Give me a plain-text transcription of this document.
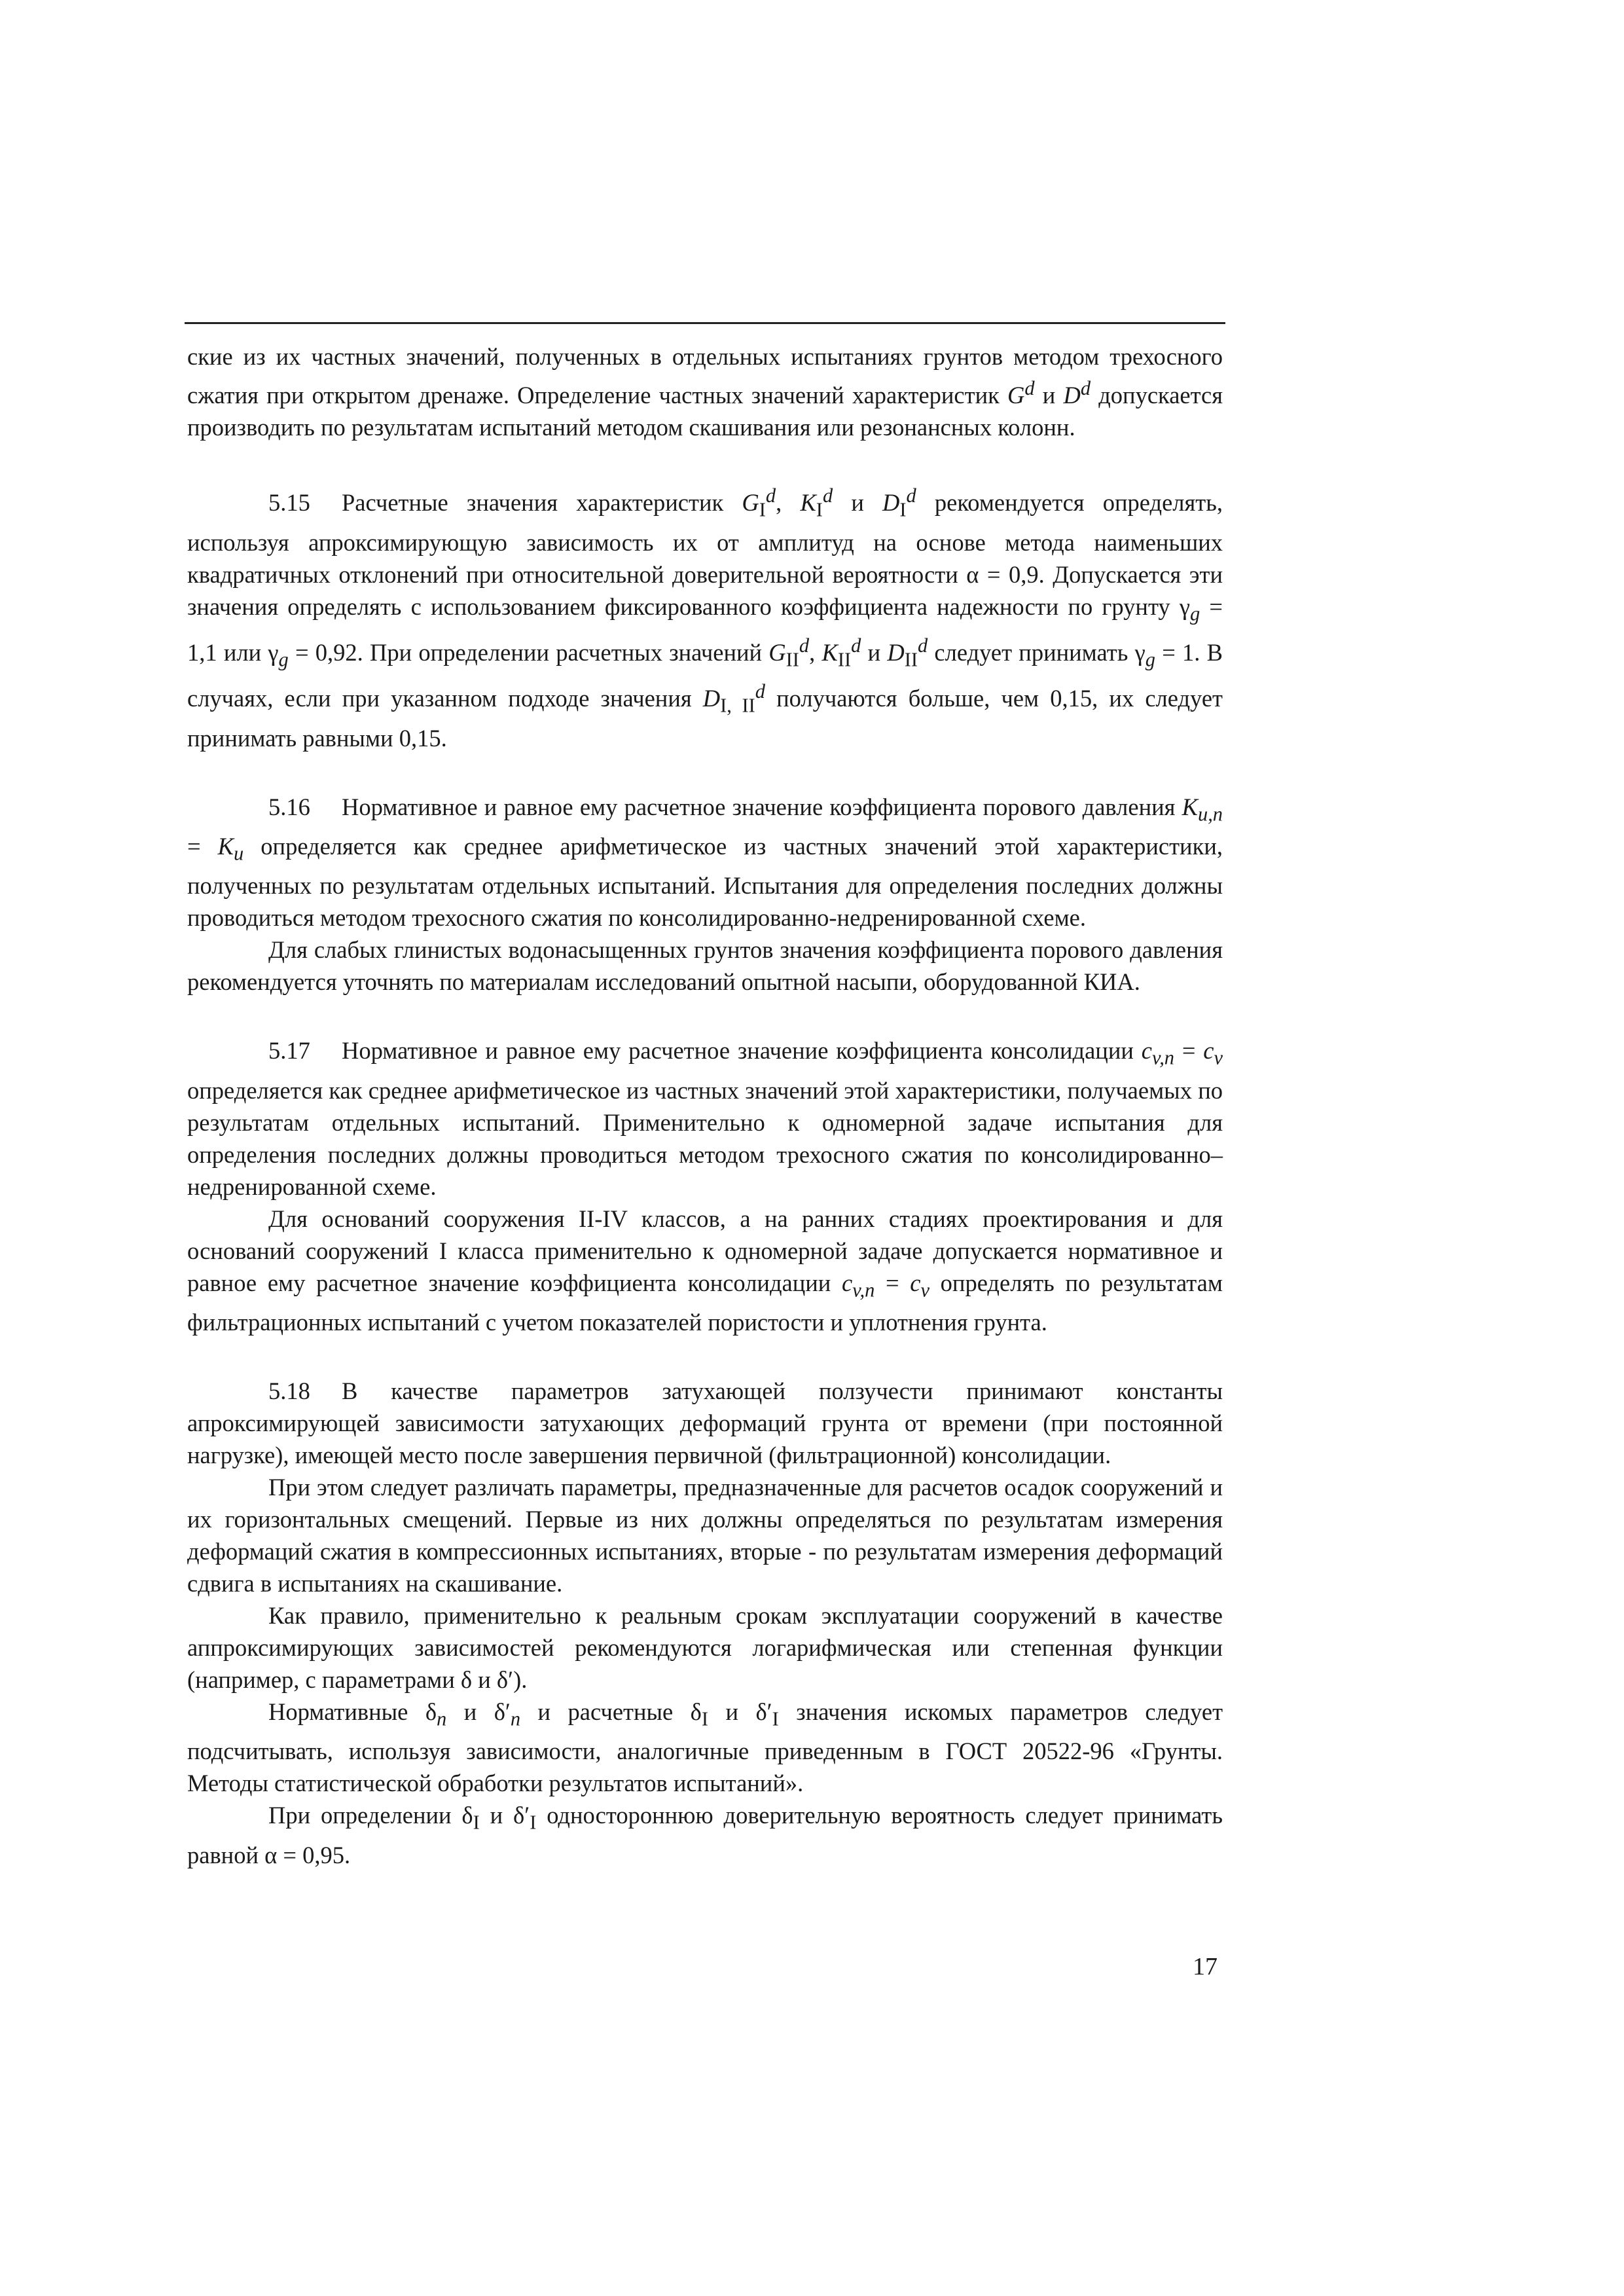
ские из их частных значений, полученных в отдельных испытаниях грунтов методом трехосного сжатия при открытом дренаже. Определение частных значений характеристик $G^d$ и $D^d$ допускается производить по результатам испытаний методом скашивания или резонансных колонн.

5.15 Расчетные значения характеристик $G_I^d$, $K_I^d$ и $D_I^d$ рекомендуется определять, используя апроксимирующую зависимость их от амплитуд на основе метода наименьших квадратичных отклонений при относительной доверительной вероятности α = 0,9. Допускается эти значения определять с использованием фиксированного коэффициента надежности по грунту $\gamma_g = 1,1$ или $\gamma_g = 0,92$. При определении расчетных значений $G_{II}^d$, $K_{II}^d$ и $D_{II}^d$ следует принимать $\gamma_g = 1$. В случаях, если при указанном подходе значения $D_{I, II}^d$ получаются больше, чем 0,15, их следует принимать равными 0,15.

5.16 Нормативное и равное ему расчетное значение коэффициента порового давления $K_{u,n} = K_u$ определяется как среднее арифметическое из частных значений этой характеристики, полученных по результатам отдельных испытаний. Испытания для определения последних должны проводиться методом трехосного сжатия по консолидированно-недренированной схеме.

Для слабых глинистых водонасыщенных грунтов значения коэффициента порового давления рекомендуется уточнять по материалам исследований опытной насыпи, оборудованной КИА.

5.17 Нормативное и равное ему расчетное значение коэффициента консолидации $c_{v,n} = c_v$ определяется как среднее арифметическое из частных значений этой характеристики, получаемых по результатам отдельных испытаний. Применительно к одномерной задаче испытания для определения последних должны проводиться методом трехосного сжатия по консолидированно–недренированной схеме.

Для оснований сооружения II-IV классов, а на ранних стадиях проектирования и для оснований сооружений I класса применительно к одномерной задаче допускается нормативное и равное ему расчетное значение коэффициента консолидации $c_{v,n} = c_v$ определять по результатам фильтрационных испытаний с учетом показателей пористости и уплотнения грунта.

5.18 В качестве параметров затухающей ползучести принимают константы апроксимирующей зависимости затухающих деформаций грунта от времени (при постоянной нагрузке), имеющей место после завершения первичной (фильтрационной) консолидации.

При этом следует различать параметры, предназначенные для расчетов осадок сооружений и их горизонтальных смещений. Первые из них должны определяться по результатам измерения деформаций сжатия в компрессионных испытаниях, вторые - по результатам измерения деформаций сдвига в испытаниях на скашивание.

Как правило, применительно к реальным срокам эксплуатации сооружений в качестве аппроксимирующих зависимостей рекомендуются логарифмическая или степенная функции (например, с параметрами δ и δ′).

Нормативные $\delta_n$ и $\delta'_n$ и расчетные $\delta_I$ и $\delta'_I$ значения искомых параметров следует подсчитывать, используя зависимости, аналогичные приведенным в ГОСТ 20522-96 «Грунты. Методы статистической обработки результатов испытаний».

При определении $\delta_I$ и $\delta'_I$ одностороннюю доверительную вероятность следует принимать равной α = 0,95.

17
